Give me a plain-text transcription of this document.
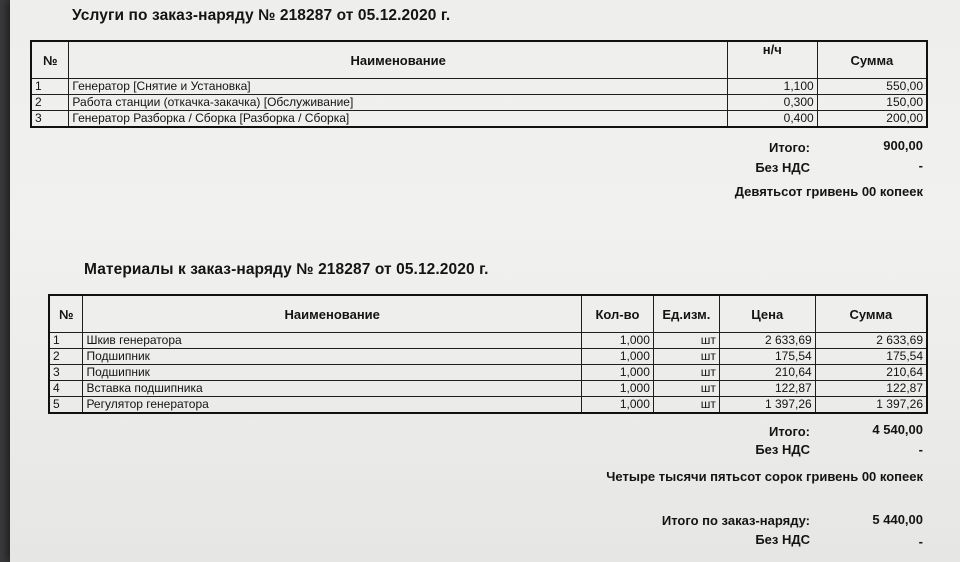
Услуги по заказ-наряду № 218287 от 05.12.2020 г.
№	Наименование	н/ч	Сумма
1	Генератор [Снятие и Установка]	1,100	550,00
2	Работа станции (откачка-закачка) [Обслуживание]	0,300	150,00
3	Генератор Разборка / Сборка [Разборка / Сборка]	0,400	200,00
Итого:	900,00
Без НДС	-
Девятьсот гривень 00 копеек
Материалы к заказ-наряду № 218287 от 05.12.2020 г.
№	Наименование	Кол-во	Ед.изм.	Цена	Сумма
1	Шкив генератора	1,000	шт	2 633,69	2 633,69
2	Подшипник	1,000	шт	175,54	175,54
3	Подшипник	1,000	шт	210,64	210,64
4	Вставка подшипника	1,000	шт	122,87	122,87
5	Регулятор генератора	1,000	шт	1 397,26	1 397,26
Итого:	4 540,00
Без НДС	-
Четыре тысячи пятьсот сорок гривень 00 копеек
Итого по заказ-наряду:	5 440,00
Без НДС	-
